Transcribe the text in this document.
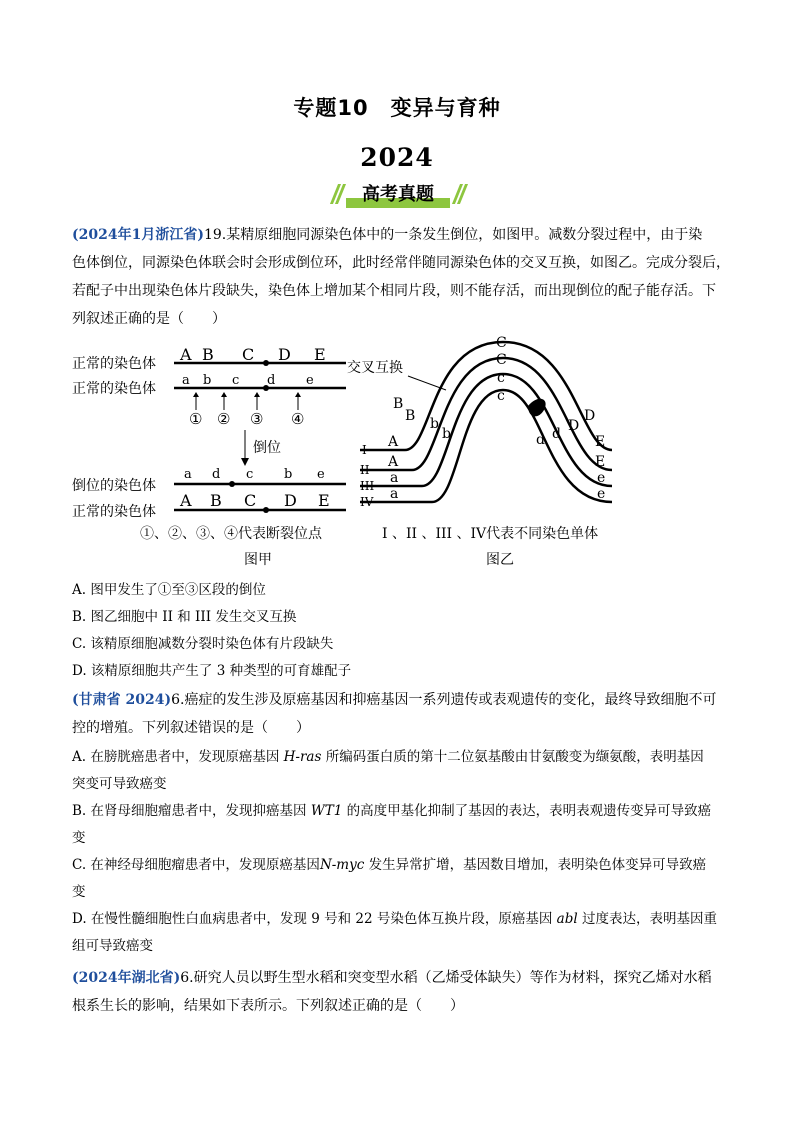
专题10　变异与育种
2024
高考真题
(2024年1月浙江省)19.某精原细胞同源染色体中的一条发生倒位，如图甲。减数分裂过程中，由于染
色体倒位，同源染色体联会时会形成倒位环，此时经常伴随同源染色体的交叉互换，如图乙。完成分裂后，
若配子中出现染色体片段缺失，染色体上增加某个相同片段，则不能存活，而出现倒位的配子能存活。下
列叙述正确的是（　　）
正常的染色体
正常的染色体
A B C D E
a b c d e
① ② ③ ④
倒位
倒位的染色体
正常的染色体
a d c b e
A B C D E
①、②、③、④代表断裂位点
图甲
交叉互换
B
B b
b
C
C
c
c
D
D
d
d
A
A
a
a
E
E
e
e
I
II
III
IV
I 、II 、III 、IV代表不同染色单体
图乙
A. 图甲发生了①至③区段的倒位
B. 图乙细胞中 II 和 III 发生交叉互换
C. 该精原细胞减数分裂时染色体有片段缺失
D. 该精原细胞共产生了 3 种类型的可育雄配子
(甘肃省 2024)6.癌症的发生涉及原癌基因和抑癌基因一系列遗传或表观遗传的变化，最终导致细胞不可
控的增殖。下列叙述错误的是（　　）
A. 在膀胱癌患者中，发现原癌基因 H-ras 所编码蛋白质的第十二位氨基酸由甘氨酸变为缬氨酸，表明基因
突变可导致癌变
B. 在肾母细胞瘤患者中，发现抑癌基因 WT1 的高度甲基化抑制了基因的表达，表明表观遗传变异可导致癌
变
C. 在神经母细胞瘤患者中，发现原癌基因N-myc 发生异常扩增，基因数目增加，表明染色体变异可导致癌
变
D. 在慢性髓细胞性白血病患者中，发现 9 号和 22 号染色体互换片段，原癌基因 abl 过度表达，表明基因重
组可导致癌变
(2024年湖北省)6.研究人员以野生型水稻和突变型水稻（乙烯受体缺失）等作为材料，探究乙烯对水稻
根系生长的影响，结果如下表所示。下列叙述正确的是（　　）
